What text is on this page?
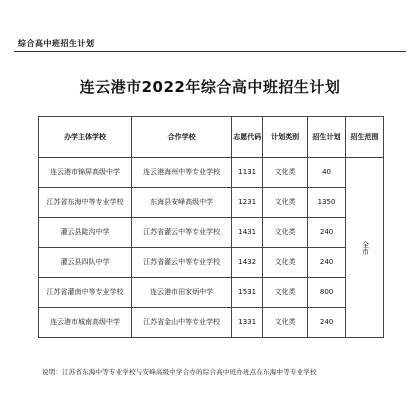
综合高中班招生计划
连云港市2022年综合高中班招生计划
办学主体学校	合作学校	志愿代码	计划类别	招生计划	招生范围
连云港市锦屏高级中学	连云港海州中等专业学校	1131	文化类	40	全市
江苏省东海中等专业学校	东海县安峰高级中学	1231	文化类	1350	
灌云县陡沟中学	江苏省灌云中等专业学校	1431	文化类	240	
灌云县四队中学	江苏省灌云中等专业学校	1432	文化类	240	
江苏省灌南中等专业学校	连云港市田家炳中学	1531	文化类	800	
连云港市城南高级中学	江苏省金山中等专业学校	1331	文化类	240	
说明：江苏省东海中等专业学校与安峰高级中学合办的综合高中班办班点在东海中等专业学校
